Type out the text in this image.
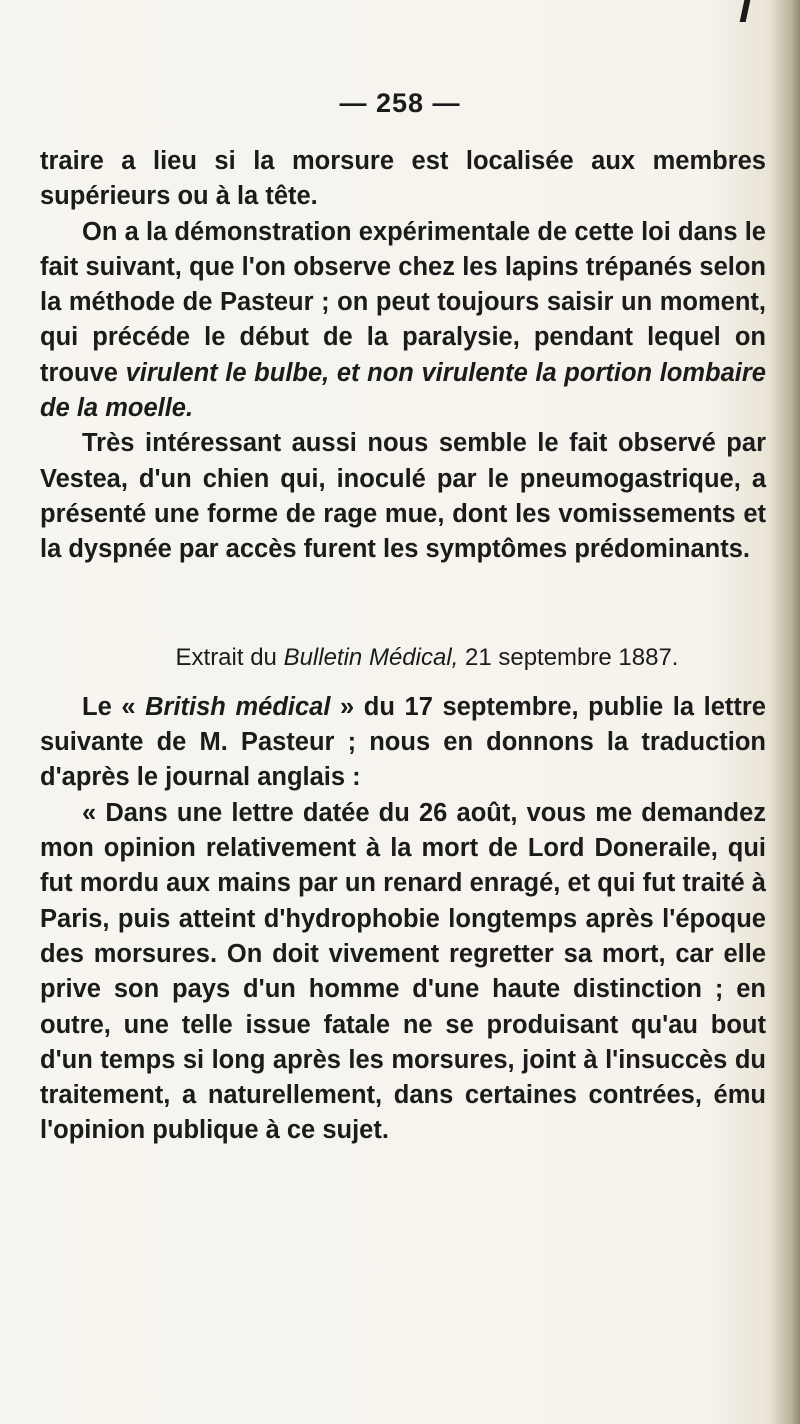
— 258 —

traire a lieu si la morsure est localisée aux membres supérieurs ou à la tête.

On a la démonstration expérimentale de cette loi dans le fait suivant, que l'on observe chez les lapins trépanés selon la méthode de Pasteur ; on peut toujours saisir un moment, qui précéde le début de la paralysie, pendant lequel on trouve virulent le bulbe, et non virulente la portion lombaire de la moelle.

Très intéressant aussi nous semble le fait observé par Vestea, d'un chien qui, inoculé par le pneumogastrique, a présenté une forme de rage mue, dont les vomissements et la dyspnée par accès furent les symptômes prédominants.

Extrait du Bulletin Médical, 21 septembre 1887.

Le « British médical » du 17 septembre, publie la lettre suivante de M. Pasteur ; nous en donnons la traduction d'après le journal anglais :

« Dans une lettre datée du 26 août, vous me demandez mon opinion relativement à la mort de Lord Doneraile, qui fut mordu aux mains par un renard enragé, et qui fut traité à Paris, puis atteint d'hydrophobie longtemps après l'époque des morsures. On doit vivement regretter sa mort, car elle prive son pays d'un homme d'une haute distinction ; en outre, une telle issue fatale ne se produisant qu'au bout d'un temps si long après les morsures, joint à l'insuccès du traitement, a naturellement, dans certaines contrées, ému l'opinion publique à ce sujet.
